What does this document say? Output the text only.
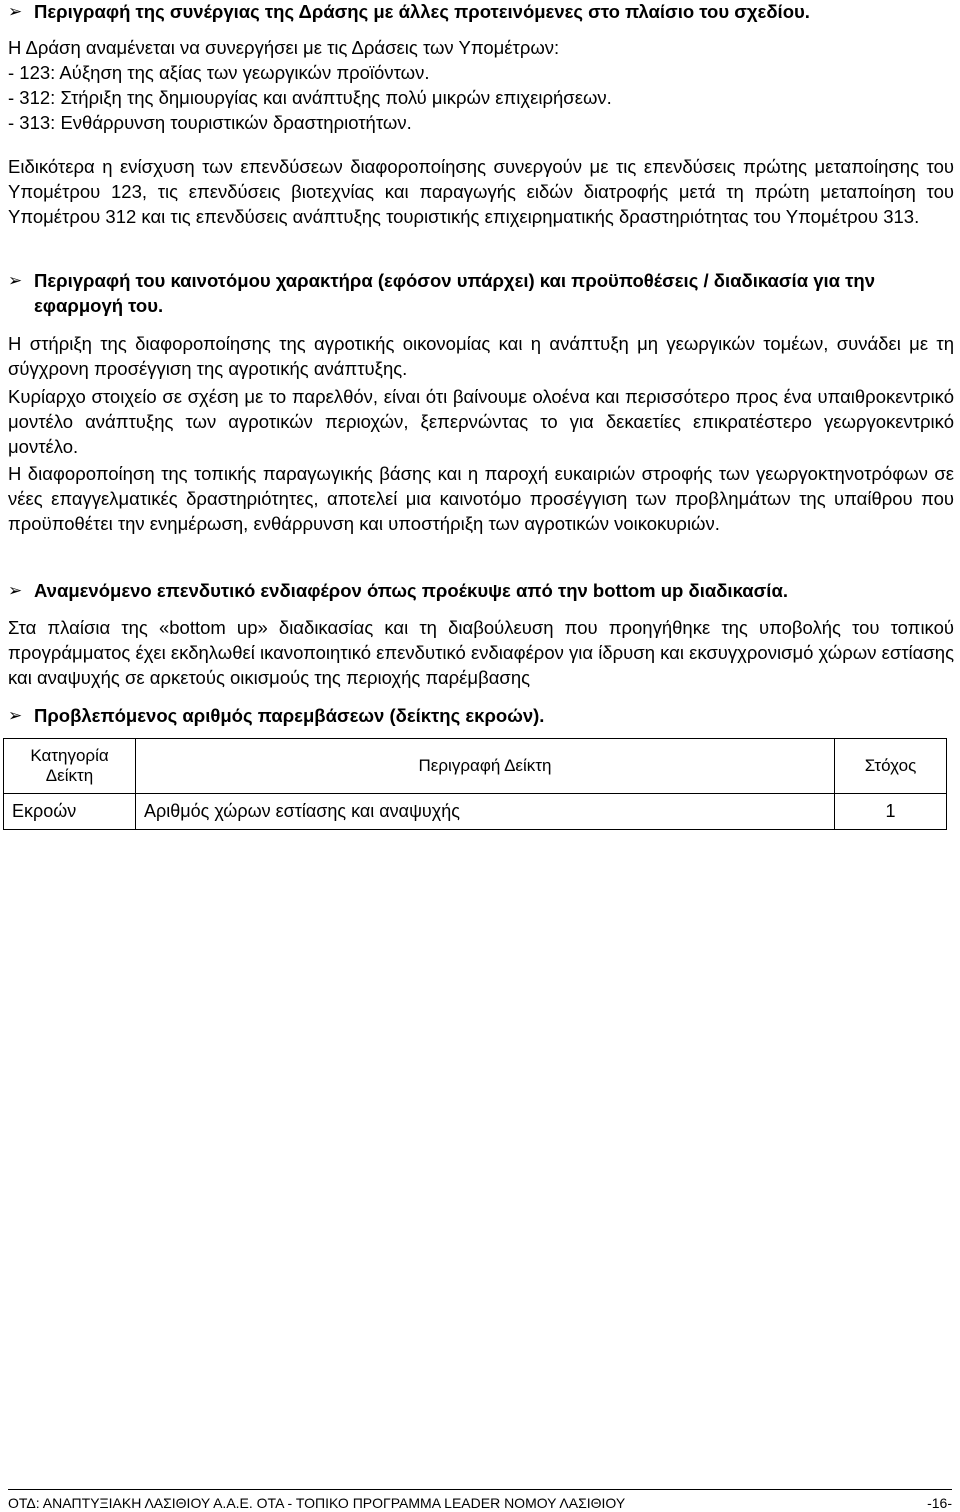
➢ Περιγραφή της συνέργιας της Δράσης με άλλες προτεινόμενες στο πλαίσιο του σχεδίου.
Η Δράση αναμένεται να συνεργήσει με τις Δράσεις των Υπομέτρων:
- 123: Αύξηση της αξίας των γεωργικών προϊόντων.
- 312: Στήριξη της δημιουργίας και ανάπτυξης πολύ μικρών επιχειρήσεων.
- 313: Ενθάρρυνση τουριστικών δραστηριοτήτων.

Ειδικότερα η ενίσχυση των επενδύσεων διαφοροποίησης συνεργούν με τις επενδύσεις πρώτης μεταποίησης του Υπομέτρου 123, τις επενδύσεις βιοτεχνίας και παραγωγής ειδών διατροφής μετά τη πρώτη μεταποίηση του Υπομέτρου 312 και τις επενδύσεις ανάπτυξης τουριστικής επιχειρηματικής δραστηριότητας του Υπομέτρου 313.

➢ Περιγραφή του καινοτόμου χαρακτήρα (εφόσον υπάρχει) και προϋποθέσεις / διαδικασία για την εφαρμογή του.

Η στήριξη της διαφοροποίησης της αγροτικής οικονομίας και η ανάπτυξη μη γεωργικών τομέων, συνάδει με τη σύγχρονη προσέγγιση της αγροτικής ανάπτυξης.

Κυρίαρχο στοιχείο σε σχέση με το παρελθόν, είναι ότι βαίνουμε ολοένα και περισσότερο προς ένα υπαιθροκεντρικό μοντέλο ανάπτυξης των αγροτικών περιοχών, ξεπερνώντας το για δεκαετίες επικρατέστερο γεωργοκεντρικό μοντέλο.

Η διαφοροποίηση της τοπικής παραγωγικής βάσης και η παροχή ευκαιριών στροφής των γεωργοκτηνοτρόφων σε νέες επαγγελματικές δραστηριότητες, αποτελεί μια καινοτόμο προσέγγιση των προβλημάτων της υπαίθρου που προϋποθέτει την ενημέρωση, ενθάρρυνση και υποστήριξη των αγροτικών νοικοκυριών.

➢ Αναμενόμενο επενδυτικό ενδιαφέρον όπως προέκυψε από την bottom up διαδικασία.

Στα πλαίσια της «bottom up» διαδικασίας και τη διαβούλευση που προηγήθηκε της υποβολής του τοπικού προγράμματος έχει εκδηλωθεί ικανοποιητικό επενδυτικό ενδιαφέρον για ίδρυση και εκσυγχρονισμό χώρων εστίασης και αναψυχής σε αρκετούς οικισμούς της περιοχής παρέμβασης

➢ Προβλεπόμενος αριθμός παρεμβάσεων (δείκτης εκροών).
Κατηγορία Δείκτη	Περιγραφή Δείκτη	Στόχος
Εκροών	Αριθμός χώρων εστίασης και αναψυχής	1
ΟΤΔ: ΑΝΑΠΤΥΞΙΑΚΗ ΛΑΣΙΘΙΟΥ Α.Α.Ε. ΟΤΑ - ΤΟΠΙΚΟ ΠΡΟΓΡΑΜΜΑ LEADER ΝΟΜΟΥ ΛΑΣΙΘΙΟΥ	-16-
